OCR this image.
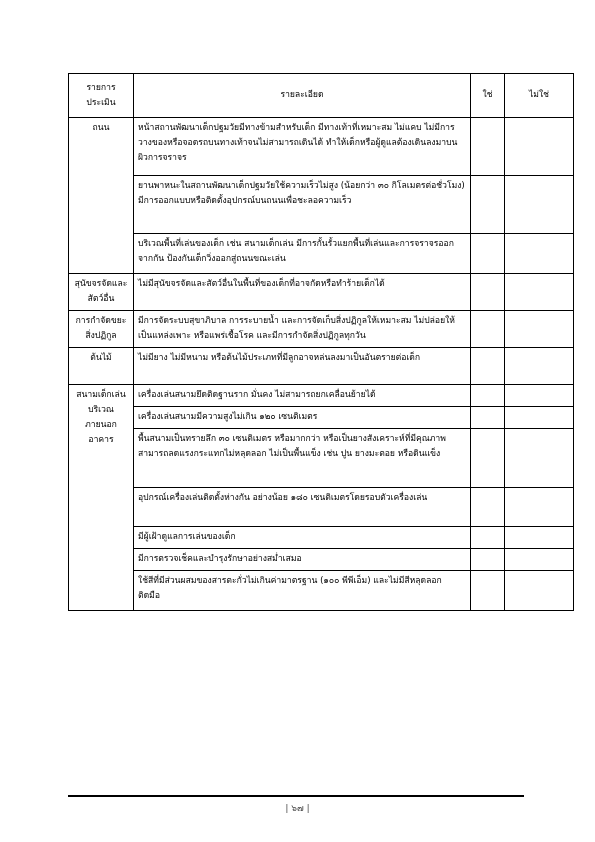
รายการประเมิน	รายละเอียด	ใช่	ไม่ใช่
ถนน	หน้าสถานพัฒนาเด็กปฐมวัยมีทางข้ามสำหรับเด็ก มีทางเท้าที่เหมาะสม ไม่แคบ ไม่มีการวางของหรือจอดรถบนทางเท้าจนไม่สามารถเดินได้ ทำให้เด็กหรือผู้ดูแลต้องเดินลงมาบนผิวการจราจร		
	ยานพาหนะในสถานพัฒนาเด็กปฐมวัยใช้ความเร็วไม่สูง (น้อยกว่า ๓๐ กิโลเมตรต่อชั่วโมง) มีการออกแบบหรือติดตั้งอุปกรณ์บนถนนเพื่อชะลอความเร็ว		
	บริเวณพื้นที่เล่นของเด็ก เช่น สนามเด็กเล่น มีการกั้นรั้วแยกพื้นที่เล่นและการจราจรออกจากกัน ป้องกันเด็กวิ่งออกสู่ถนนขณะเล่น		
สุนัขจรจัดและสัตว์อื่น	ไม่มีสุนัขจรจัดและสัตว์อื่นในพื้นที่ของเด็กที่อาจกัดหรือทำร้ายเด็กได้		
การกำจัดขยะสิ่งปฏิกูล	มีการจัดระบบสุขาภิบาล การระบายน้ำ และการจัดเก็บสิ่งปฏิกูลให้เหมาะสม ไม่ปล่อยให้เป็นแหล่งเพาะ หรือแพร่เชื้อโรค และมีการกำจัดสิ่งปฏิกูลทุกวัน		
ต้นไม้	ไม่มียาง ไม่มีหนาม หรือต้นไม้ประเภทที่มีลูกอาจหล่นลงมาเป็นอันตรายต่อเด็ก		
สนามเด็กเล่น บริเวณภายนอกอาคาร	เครื่องเล่นสนามยึดติดฐานราก มั่นคง ไม่สามารถยกเคลื่อนย้ายได้		
	เครื่องเล่นสนามมีความสูงไม่เกิน ๑๒๐ เซนติเมตร		
	พื้นสนามเป็นทรายลึก ๓๐ เซนติเมตร หรือมากกว่า หรือเป็นยางสังเคราะห์ที่มีคุณภาพสามารถลดแรงกระแทกไม่หลุดลอก ไม่เป็นพื้นแข็ง เช่น ปูน ยางมะตอย หรือดินแข็ง		
	อุปกรณ์เครื่องเล่นติดตั้งห่างกัน อย่างน้อย ๑๘๐ เซนติเมตรโดยรอบตัวเครื่องเล่น		
	มีผู้เฝ้าดูแลการเล่นของเด็ก		
	มีการตรวจเช็คและบำรุงรักษาอย่างสม่ำเสมอ		
	ใช้สีที่มีส่วนผสมของสารตะกั่วไม่เกินค่ามาตรฐาน (๑๐๐ พีพีเอ็ม) และไม่มีสีหลุดลอก ติดมือ		
| ๖๗ |
